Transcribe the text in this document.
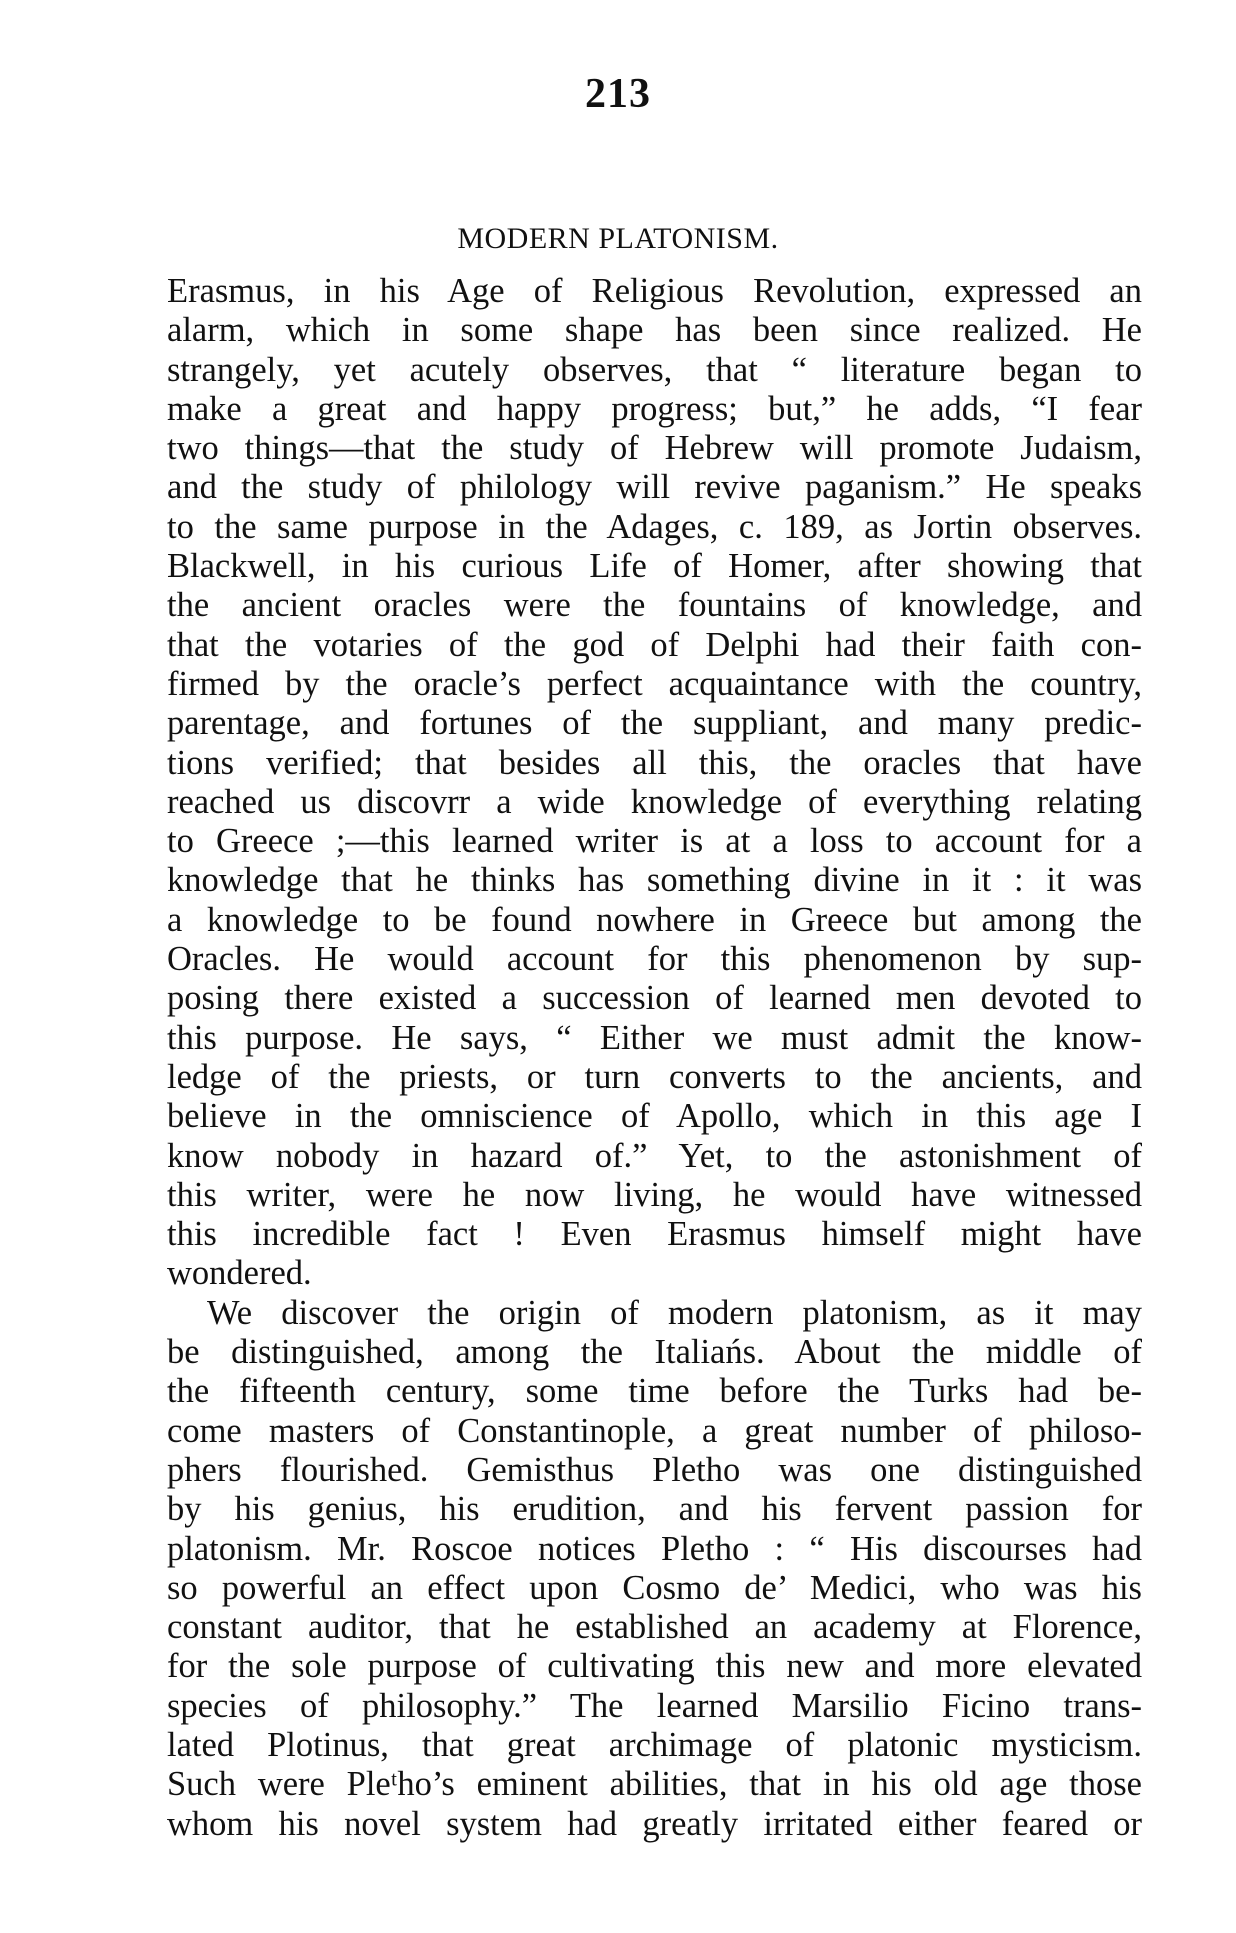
213
MODERN PLATONISM.
Erasmus, in his Age of Religious Revolution, expressed an
alarm, which in some shape has been since realized. He
strangely, yet acutely observes, that “ literature began to
make a great and happy progress; but,” he adds, “I fear
two things—that the study of Hebrew will promote Judaism,
and the study of philology will revive paganism.” He speaks
to the same purpose in the Adages, c. 189, as Jortin observes.
Blackwell, in his curious Life of Homer, after showing that
the ancient oracles were the fountains of knowledge, and
that the votaries of the god of Delphi had their faith con-
firmed by the oracle’s perfect acquaintance with the country,
parentage, and fortunes of the suppliant, and many predic-
tions verified; that besides all this, the oracles that have
reached us discovrr a wide knowledge of everything relating
to Greece ;—this learned writer is at a loss to account for a
knowledge that he thinks has something divine in it : it was
a knowledge to be found nowhere in Greece but among the
Oracles. He would account for this phenomenon by sup-
posing there existed a succession of learned men devoted to
this purpose. He says, “ Either we must admit the know-
ledge of the priests, or turn converts to the ancients, and
believe in the omniscience of Apollo, which in this age I
know nobody in hazard of.” Yet, to the astonishment of
this writer, were he now living, he would have witnessed
this incredible fact ! Even Erasmus himself might have
wondered.
We discover the origin of modern platonism, as it may
be distinguished, among the Italiańs. About the middle of
the fifteenth century, some time before the Turks had be-
come masters of Constantinople, a great number of philoso-
phers flourished. Gemisthus Pletho was one distinguished
by his genius, his erudition, and his fervent passion for
platonism. Mr. Roscoe notices Pletho : “ His discourses had
so powerful an effect upon Cosmo de’ Medici, who was his
constant auditor, that he established an academy at Florence,
for the sole purpose of cultivating this new and more elevated
species of philosophy.” The learned Marsilio Ficino trans-
lated Plotinus, that great archimage of platonic mysticism.
Such were Pleᵗho’s eminent abilities, that in his old age those
whom his novel system had greatly irritated either feared or
